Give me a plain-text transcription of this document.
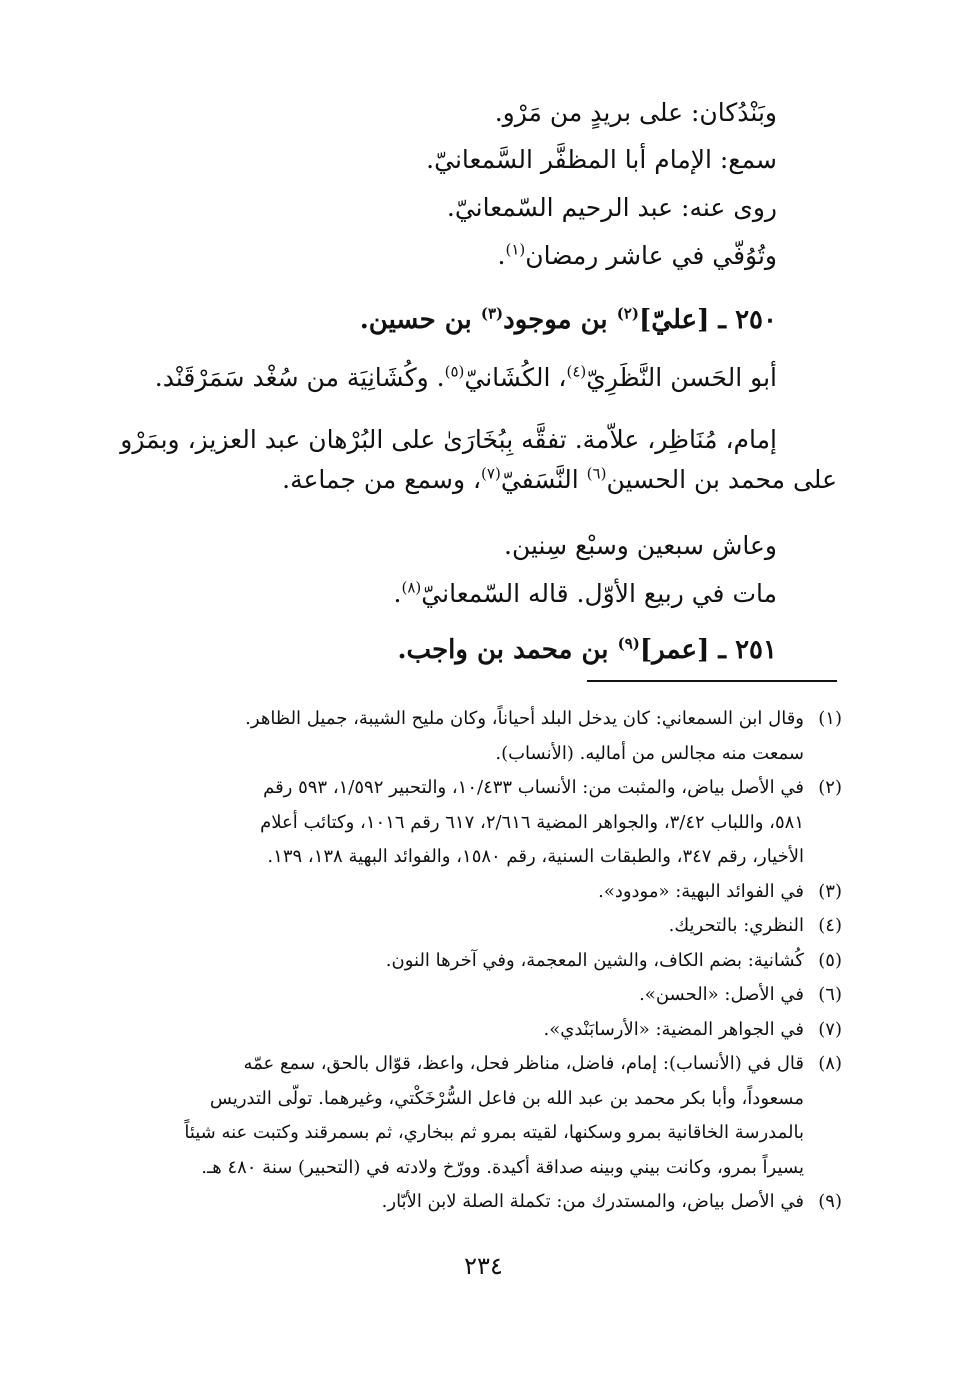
وبَنْدُكان: على بريدٍ من مَرْو.
سمع: الإمام أبا المظفَّر السَّمعانيّ.
روى عنه: عبد الرحيم السّمعانيّ.
وتُوُفّي في عاشر رمضان$^{(١)}$.
٢٥٠ ـ [عليّ]$^{(٢)}$ بن موجود$^{(٣)}$ بن حسين.
أبو الحَسن النَّظَرِيّ$^{(٤)}$، الكُشَانيّ$^{(٥)}$. وكُشَانِيَة من سُغْد سَمَرْقَنْد.
إمام، مُنَاظِر، علاّمة. تفقَّه بِبُخَارَىٰ على البُرْهان عبد العزيز، وبمَرْو
على محمد بن الحسين$^{(٦)}$ النَّسَفيّ$^{(٧)}$، وسمع من جماعة.
وعاش سبعين وسبْع سِنين.
مات في ربيع الأوّل. قاله السّمعانيّ$^{(٨)}$.
٢٥١ ـ [عمر]$^{(٩)}$ بن محمد بن واجب.
(١)
وقال ابن السمعاني: كان يدخل البلد أحياناً، وكان مليح الشيبة، جميل الظاهر.
سمعت منه مجالس من أماليه. (الأنساب).
(٢)
في الأصل بياض، والمثبت من: الأنساب ١٠/٤٣٣، والتحبير ١/٥٩٢، ٥٩٣ رقم
٥٨١، واللباب ٣/٤٢، والجواهر المضية ٢/٦١٦، ٦١٧ رقم ١٠١٦، وكتائب أعلام
الأخيار، رقم ٣٤٧، والطبقات السنية، رقم ١٥٨٠، والفوائد البهية ١٣٨، ١٣٩.
(٣)
في الفوائد البهية: «مودود».
(٤)
النظري: بالتحريك.
(٥)
كُشانية: بضم الكاف، والشين المعجمة، وفي آخرها النون.
(٦)
في الأصل: «الحسن».
(٧)
في الجواهر المضية: «الأرسابَنْدي».
(٨)
قال في (الأنساب): إمام، فاضل، مناظر فحل، واعظ، قوّال بالحق، سمع عمّه
مسعوداً، وأبا بكر محمد بن عبد الله بن فاعل السُّرْخَكْتي، وغيرهما. تولّى التدريس
بالمدرسة الخاقانية بمرو وسكنها، لقيته بمرو ثم ببخاري، ثم بسمرقند وكتبت عنه شيئاً
يسيراً بمرو، وكانت بيني وبينه صداقة أكيدة. وورّخ ولادته في (التحبير) سنة ٤٨٠ هـ.
(٩)
في الأصل بياض، والمستدرك من: تكملة الصلة لابن الأبّار.
٢٣٤
